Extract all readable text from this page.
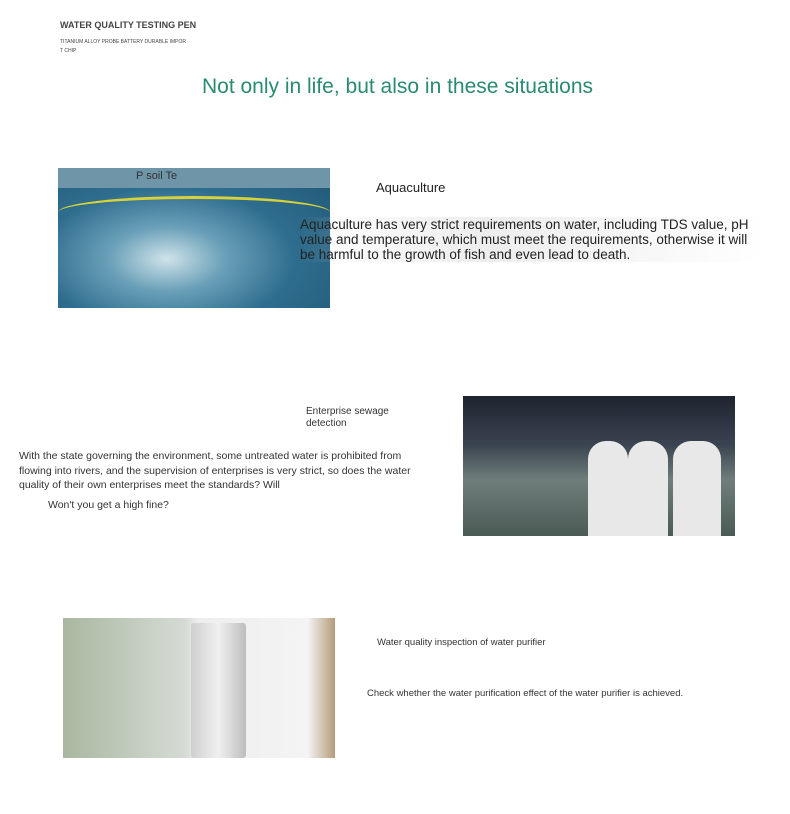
WATER QUALITY TESTING PEN
TITANIUM ALLOY PROBE BATTERY DURABLE IMPOR T CHIP
Not only in life, but also in these situations
P soil Te
Aquaculture
Aquaculture has very strict requirements on water, including TDS value, pH value and temperature, which must meet the requirements, otherwise it will be harmful to the growth of fish and even lead to death.
Enterprise sewage detection
With the state governing the environment, some untreated water is prohibited from flowing into rivers, and the supervision of enterprises is very strict, so does the water quality of their own enterprises meet the standards? Will
Won't you get a high fine?
Water quality inspection of water purifier
Check whether the water purification effect of the water purifier is achieved.
